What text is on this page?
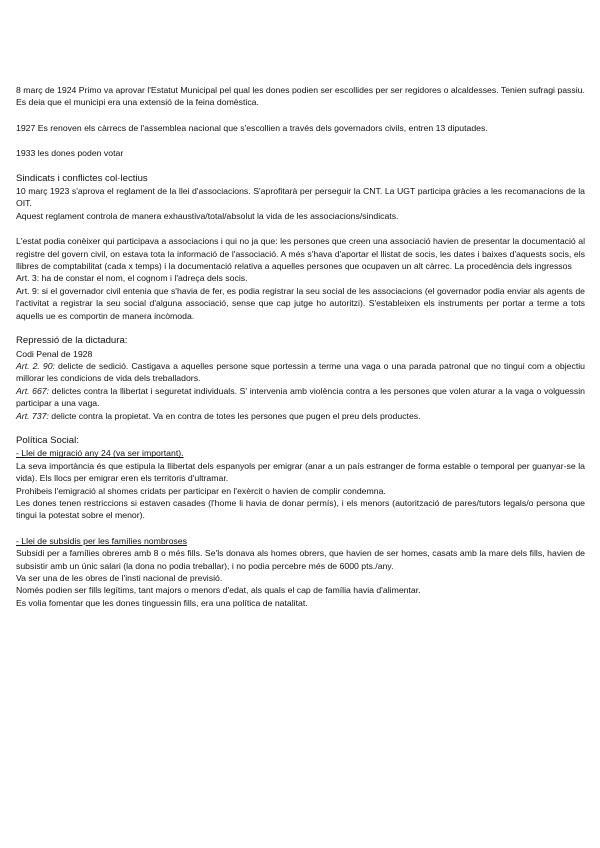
8 març de 1924 Primo va aprovar l'Estatut Municipal pel qual les dones podien ser escollides per ser regidores o alcaldesses. Tenien sufragi passiu.

Es deia que el municipi era una extensió de la feina domèstica.

1927 Es renoven els càrrecs de l'assemblea nacional que s'escollien a través dels governadors civils, entren 13 diputades.

1933 les dones poden votar

Sindicats i conflictes col·lectius

10 març 1923 s'aprova el reglament de la llei d'associacions. S'aprofitarà per perseguir la CNT. La UGT participa gràcies a les recomanacions de la OIT.

Aquest reglament controla de manera exhaustiva/total/absolut la vida de les associacions/sindicats.

L'estat podia conèixer qui participava a associacions i qui no ja que: les persones que creen una associació havien de presentar la documentació al registre del govern civil, on estava tota la informació de l'associació. A més s'hava d'aportar el llistat de socis, les dates i baixes d'aquests socis, els llibres de comptabilitat (cada x temps) i la documentació relativa a aquelles persones que ocupaven un alt càrrec. La procedència dels ingressos

Art. 3: ha de constar el nom, el cognom i l'adreça dels socis.

Art. 9: si el governador civil entenia que s'havia de fer, es podia registrar la seu social de les associacions (el governador podia enviar als agents de l'activitat a registrar la seu social d'alguna associació, sense que cap jutge ho autoritzi). S'estableixen els instruments per portar a terme a tots aquells ue es comportin de manera incòmoda.

Repressió de la dictadura:

Codi Penal de 1928

Art. 2. 90: delicte de sedició. Castigava a aquelles persone sque portessin a terme una vaga o una parada patronal que no tingui com a objectiu millorar les condicions de vida dels treballadors.

Art. 667: delictes contra la llibertat i seguretat individuals. S' intervenia amb violència contra a les persones que volen aturar a la vaga o volguessin participar a una vaga.

Art. 737: delicte contra la propietat. Va en contra de totes les persones que pugen el preu dels productes.

Política Social:

- Llei de migració any 24 (va ser important).

La seva importància és que estipula la llibertat dels espanyols per emigrar (anar a un país estranger de forma estable o temporal per guanyar-se la vida). Els llocs per emigrar eren els territoris d'ultramar.

Prohibeis l'emigració al shomes cridats per participar en l'exèrcit o havien de complir condemna.

Les dones tenen restriccions si estaven casades (l'home li havia de donar permís), i els menors (autorització de pares/tutors legals/o persona que tingui la potestat sobre el menor).

- Llei de subsidis per les famílies nombroses

Subsidi per a famílies obreres amb 8 o més fills. Se'ls donava als homes obrers, que havien de ser homes, casats amb la mare dels fills, havien de subsistir amb un únic salari (la dona no podia treballar), i no podia percebre més de 6000 pts./any.

Va ser una de les obres de l'insti nacional de previsió.

Només podien ser fills legítims, tant majors o menors d'edat, als quals el cap de família havia d'alimentar.

Es volia fomentar que les dones tinguessin fills, era una política de natalitat.
